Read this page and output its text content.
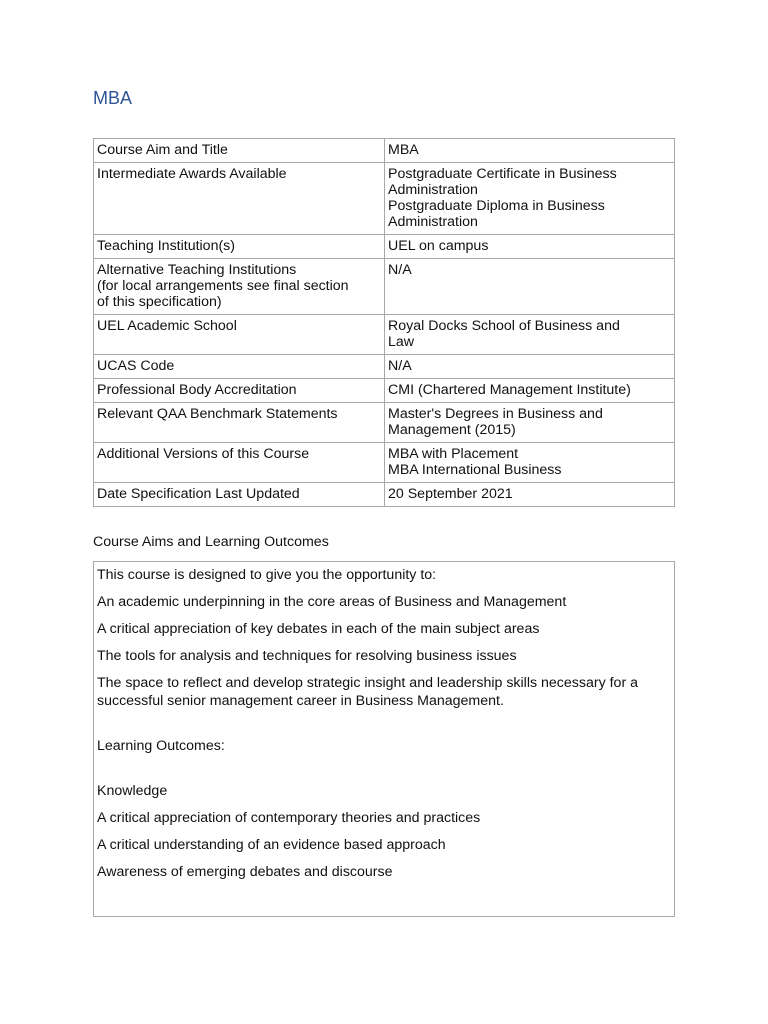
MBA
Course Aim and Title	MBA

Intermediate Awards Available	Postgraduate Certificate in Business
Administration
Postgraduate Diploma in Business
Administration

Teaching Institution(s)	UEL on campus

Alternative Teaching Institutions
(for local arrangements see final section
of this specification)	N/A

UEL Academic School	Royal Docks School of Business and
Law

UCAS Code	N/A

Professional Body Accreditation	CMI (Chartered Management Institute)

Relevant QAA Benchmark Statements	Master's Degrees in Business and
Management (2015)

Additional Versions of this Course	MBA with Placement
MBA International Business

Date Specification Last Updated	20 September 2021
Course Aims and Learning Outcomes
This course is designed to give you the opportunity to:
An academic underpinning in the core areas of Business and Management
A critical appreciation of key debates in each of the main subject areas
The tools for analysis and techniques for resolving business issues
The space to reflect and develop strategic insight and leadership skills necessary for a successful senior management career in Business Management.
Learning Outcomes:
Knowledge
A critical appreciation of contemporary theories and practices
A critical understanding of an evidence based approach
Awareness of emerging debates and discourse
